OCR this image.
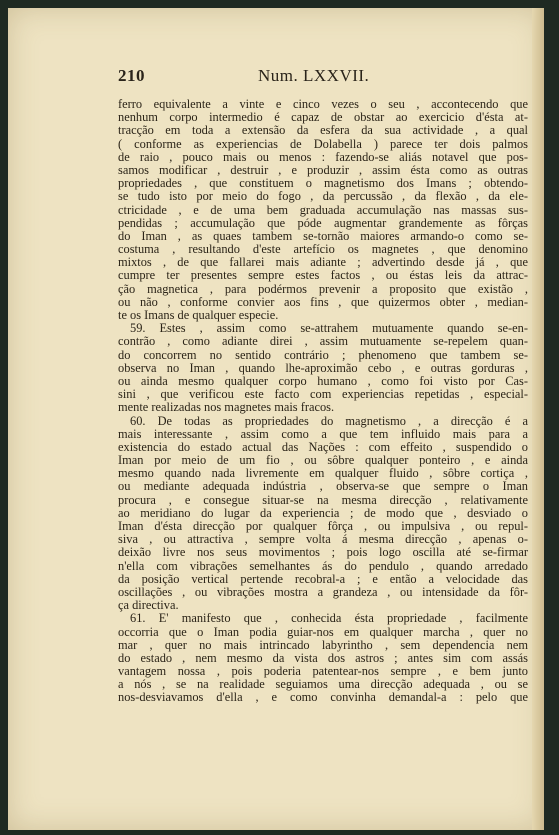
210	Num. LXXVII.
ferro equivalente a vinte e cinco vezes o seu , accontecendo que
nenhum corpo intermedio é capaz de obstar ao exercicio d'ésta at-
tracção em toda a extensão da esfera da sua actividade , a qual
( conforme as experiencias de Dolabella ) parece ter dois palmos
de raio , pouco mais ou menos : fazendo-se aliás notavel que pos-
samos modificar , destruir , e produzir , assim ésta como as outras
propriedades , que constituem o magnetismo dos Imans ; obtendo-
se tudo isto por meio do fogo , da percussão , da flexão , da ele-
ctricidade , e de uma bem graduada accumulação nas massas sus-
pendidas ; accumulação que póde augmentar grandemente as fôrças
do Iman , as quaes tambem se-tornão maiores armando-o como se-
costuma , resultando d'este artefício os magnetes , que denomino
mixtos , de que fallarei mais adiante ; advertindo desde já , que
cumpre ter presentes sempre estes factos , ou éstas leis da attrac-
ção magnetica , para podérmos prevenir a proposito que existão ,
ou não , conforme convier aos fins , que quizermos obter , median-
te os Imans de qualquer especie.
59. Estes , assim como se-attrahem mutuamente quando se-en-
contrão , como adiante direi , assim mutuamente se-repelem quan-
do concorrem no sentido contrário ; phenomeno que tambem se-
observa no Iman , quando lhe-aproximão cebo , e outras gorduras ,
ou ainda mesmo qualquer corpo humano , como foi visto por Cas-
sini , que verificou este facto com experiencias repetidas , especial-
mente realizadas nos magnetes mais fracos.
60. De todas as propriedades do magnetismo , a direcção é a
mais interessante , assim como a que tem influido mais para a
existencia do estado actual das Nações : com effeito , suspendido o
Iman por meio de um fio , ou sôbre qualquer ponteiro , e ainda
mesmo quando nada livremente em qualquer fluido , sôbre cortiça ,
ou mediante adequada indústria , observa-se que sempre o Iman
procura , e consegue situar-se na mesma direcção , relativamente
ao meridiano do lugar da experiencia ; de modo que , desviado o
Iman d'ésta direcção por qualquer fôrça , ou impulsiva , ou repul-
siva , ou attractiva , sempre volta á mesma direcção , apenas o-
deixão livre nos seus movimentos ; pois logo oscilla até se-firmar
n'ella com vibrações semelhantes ás do pendulo , quando arredado
da posição vertical pertende recobral-a ; e então a velocidade das
oscillações , ou vibrações mostra a grandeza , ou intensidade da fôr-
ça directiva.
61. E' manifesto que , conhecida ésta propriedade , facilmente
occorria que o Iman podia guiar-nos em qualquer marcha , quer no
mar , quer no mais intrincado labyrintho , sem dependencia nem
do estado , nem mesmo da vista dos astros ; antes sim com assás
vantagem nossa , pois poderia patentear-nos sempre , e bem junto
a nós , se na realidade seguiamos uma direcção adequada , ou se
nos-desviavamos d'ella , e como convinha demandal-a : pelo que
